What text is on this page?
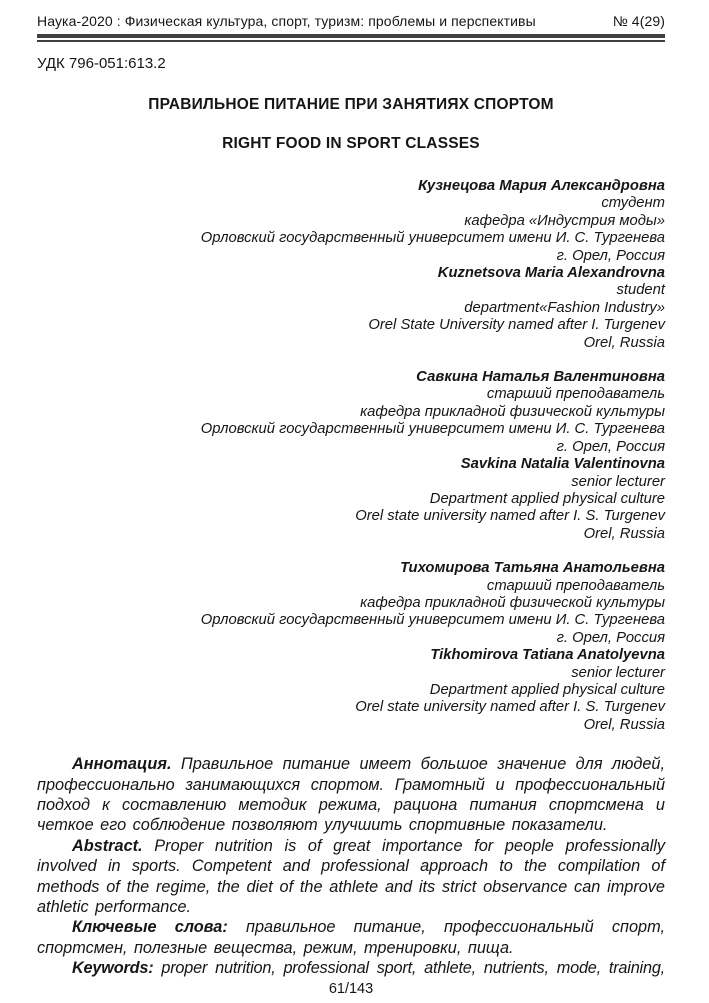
Наука-2020 : Физическая культура, спорт, туризм: проблемы и перспективы	№ 4(29)
УДК 796-051:613.2
ПРАВИЛЬНОЕ ПИТАНИЕ ПРИ ЗАНЯТИЯХ СПОРТОМ
RIGHT FOOD IN SPORT CLASSES
Кузнецова Мария Александровна
студент
кафедра «Индустрия моды»
Орловский государственный университет имени И. С. Тургенева
г. Орел, Россия
Kuznetsova Maria Alexandrovna
student
department«Fashion Industry»
Orel State University named after I. Turgenev
Orel, Russia
Савкина Наталья Валентиновна
старший преподаватель
кафедра прикладной физической культуры
Орловский государственный университет имени И. С. Тургенева
г. Орел, Россия
Savkina Natalia Valentinovna
senior lecturer
Department applied physical culture
Orel state university named after I. S. Turgenev
Orel, Russia
Тихомирова Татьяна Анатольевна
старший преподаватель
кафедра прикладной физической культуры
Орловский государственный университет имени И. С. Тургенева
г. Орел, Россия
Tikhomirova Tatiana Anatolyevna
senior lecturer
Department applied physical culture
Orel state university named after I. S. Turgenev
Orel, Russia

Аннотация. Правильное питание имеет большое значение для людей, профессионально занимающихся спортом. Грамотный и профессиональный подход к составлению методик режима, рациона питания спортсмена и четкое его соблюдение позволяют улучшить спортивные показатели.

Abstract. Proper nutrition is of great importance for people professionally involved in sports. Competent and professional approach to the compilation of methods of the regime, the diet of the athlete and its strict observance can improve athletic performance.

Ключевые слова: правильное питание, профессиональный спорт, спортсмен, полезные вещества, режим, тренировки, пища.

Keywords: proper nutrition, professional sport, athlete, nutrients, mode, training,

61/143
